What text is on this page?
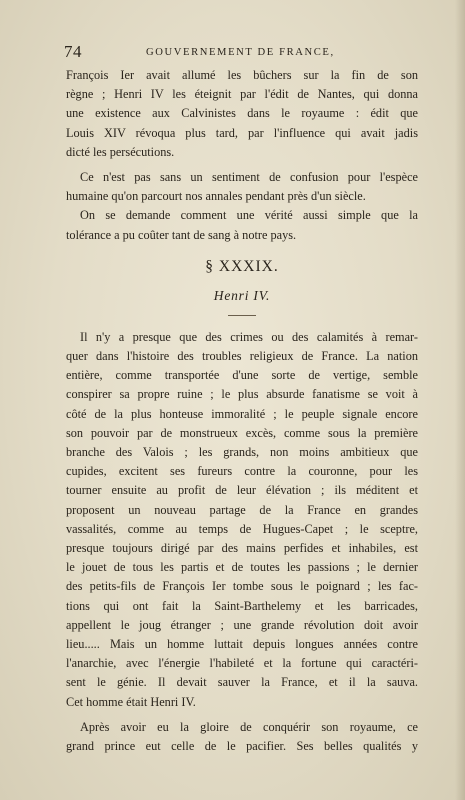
74	GOUVERNEMENT DE FRANCE,
François Ier avait allumé les bûchers sur la fin de son
règne ; Henri IV les éteignit par l'édit de Nantes, qui donna
une existence aux Calvinistes dans le royaume : édit que
Louis XIV révoqua plus tard, par l'influence qui avait jadis
dicté les persécutions.
Ce n'est pas sans un sentiment de confusion pour l'espèce
humaine qu'on parcourt nos annales pendant près d'un siècle.
On se demande comment une vérité aussi simple que la
tolérance a pu coûter tant de sang à notre pays.
§ XXXIX.
Henri IV.
Il n'y a presque que des crimes ou des calamités à remar-
quer dans l'histoire des troubles religieux de France. La nation
entière, comme transportée d'une sorte de vertige, semble
conspirer sa propre ruine ; le plus absurde fanatisme se voit à
côté de la plus honteuse immoralité ; le peuple signale encore
son pouvoir par de monstrueux excès, comme sous la première
branche des Valois ; les grands, non moins ambitieux que
cupides, excitent ses fureurs contre la couronne, pour les
tourner ensuite au profit de leur élévation ; ils méditent et
proposent un nouveau partage de la France en grandes
vassalités, comme au temps de Hugues-Capet ; le sceptre,
presque toujours dirigé par des mains perfides et inhabiles, est
le jouet de tous les partis et de toutes les passions ; le dernier
des petits-fils de François Ier tombe sous le poignard ; les fac-
tions qui ont fait la Saint-Barthelemy et les barricades,
appellent le joug étranger ; une grande révolution doit avoir
lieu..... Mais un homme luttait depuis longues années contre
l'anarchie, avec l'énergie l'habileté et la fortune qui caractéri-
sent le génie. Il devait sauver la France, et il la sauva.
Cet homme était Henri IV.
Après avoir eu la gloire de conquérir son royaume, ce
grand prince eut celle de le pacifier. Ses belles qualités y
